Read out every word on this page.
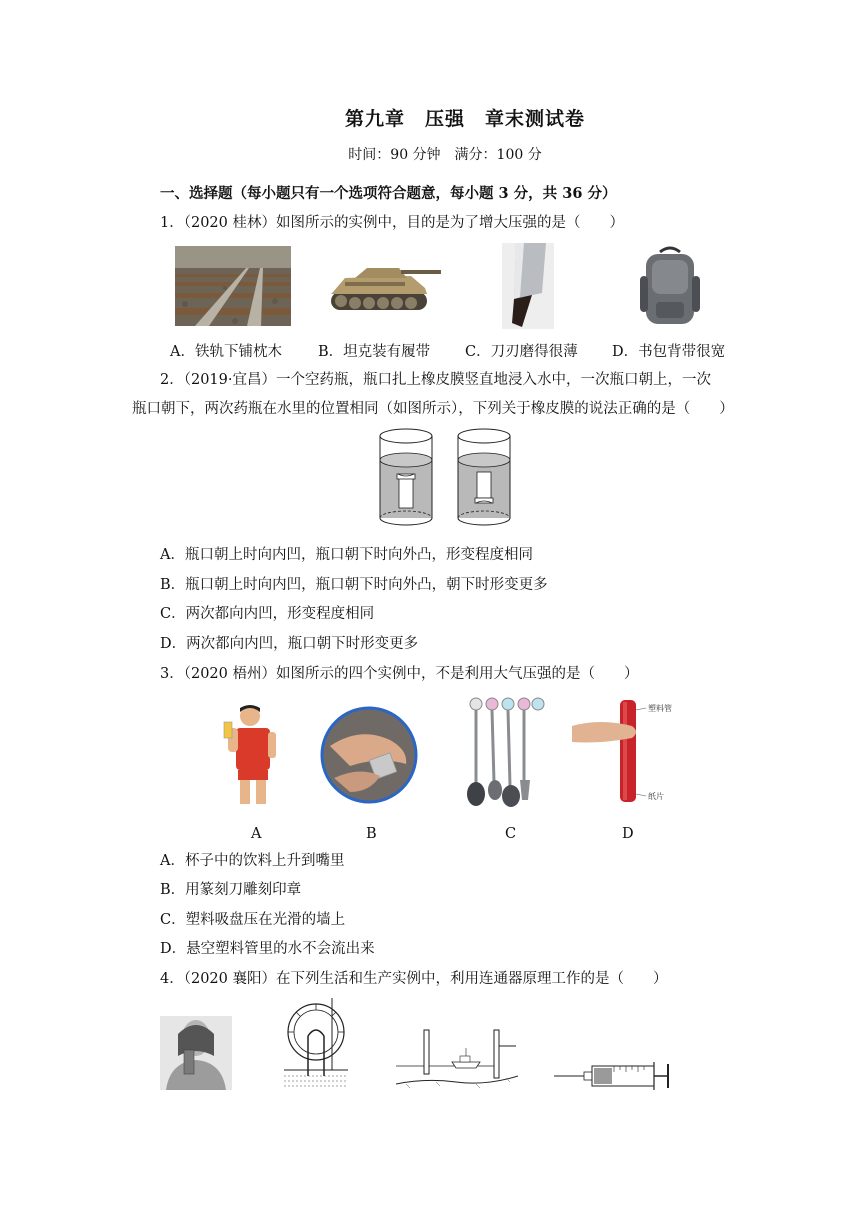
第九章　压强　章末测试卷
时间：90 分钟　满分：100 分
一、选择题（每小题只有一个选项符合题意，每小题 3 分，共 36 分）
1．（2020 桂林）如图所示的实例中，目的是为了增大压强的是（　　）
A．铁轨下铺枕木 B．坦克装有履带 C．刀刃磨得很薄 D．书包背带很宽
2．（2019·宜昌）一个空药瓶，瓶口扎上橡皮膜竖直地浸入水中，一次瓶口朝上，一次
瓶口朝下，两次药瓶在水里的位置相同（如图所示），下列关于橡皮膜的说法正确的是（　　）
A．瓶口朝上时向内凹，瓶口朝下时向外凸，形变程度相同
B．瓶口朝上时向内凹，瓶口朝下时向外凸，朝下时形变更多
C．两次都向内凹，形变程度相同
D．两次都向内凹，瓶口朝下时形变更多
3．（2020 梧州）如图所示的四个实例中，不是利用大气压强的是（　　）
塑料管
纸片
A	B	C	D
A．杯子中的饮料上升到嘴里
B．用篆刻刀雕刻印章
C．塑料吸盘压在光滑的墙上
D．悬空塑料管里的水不会流出来
4．（2020 襄阳）在下列生活和生产实例中，利用连通器原理工作的是（　　）
